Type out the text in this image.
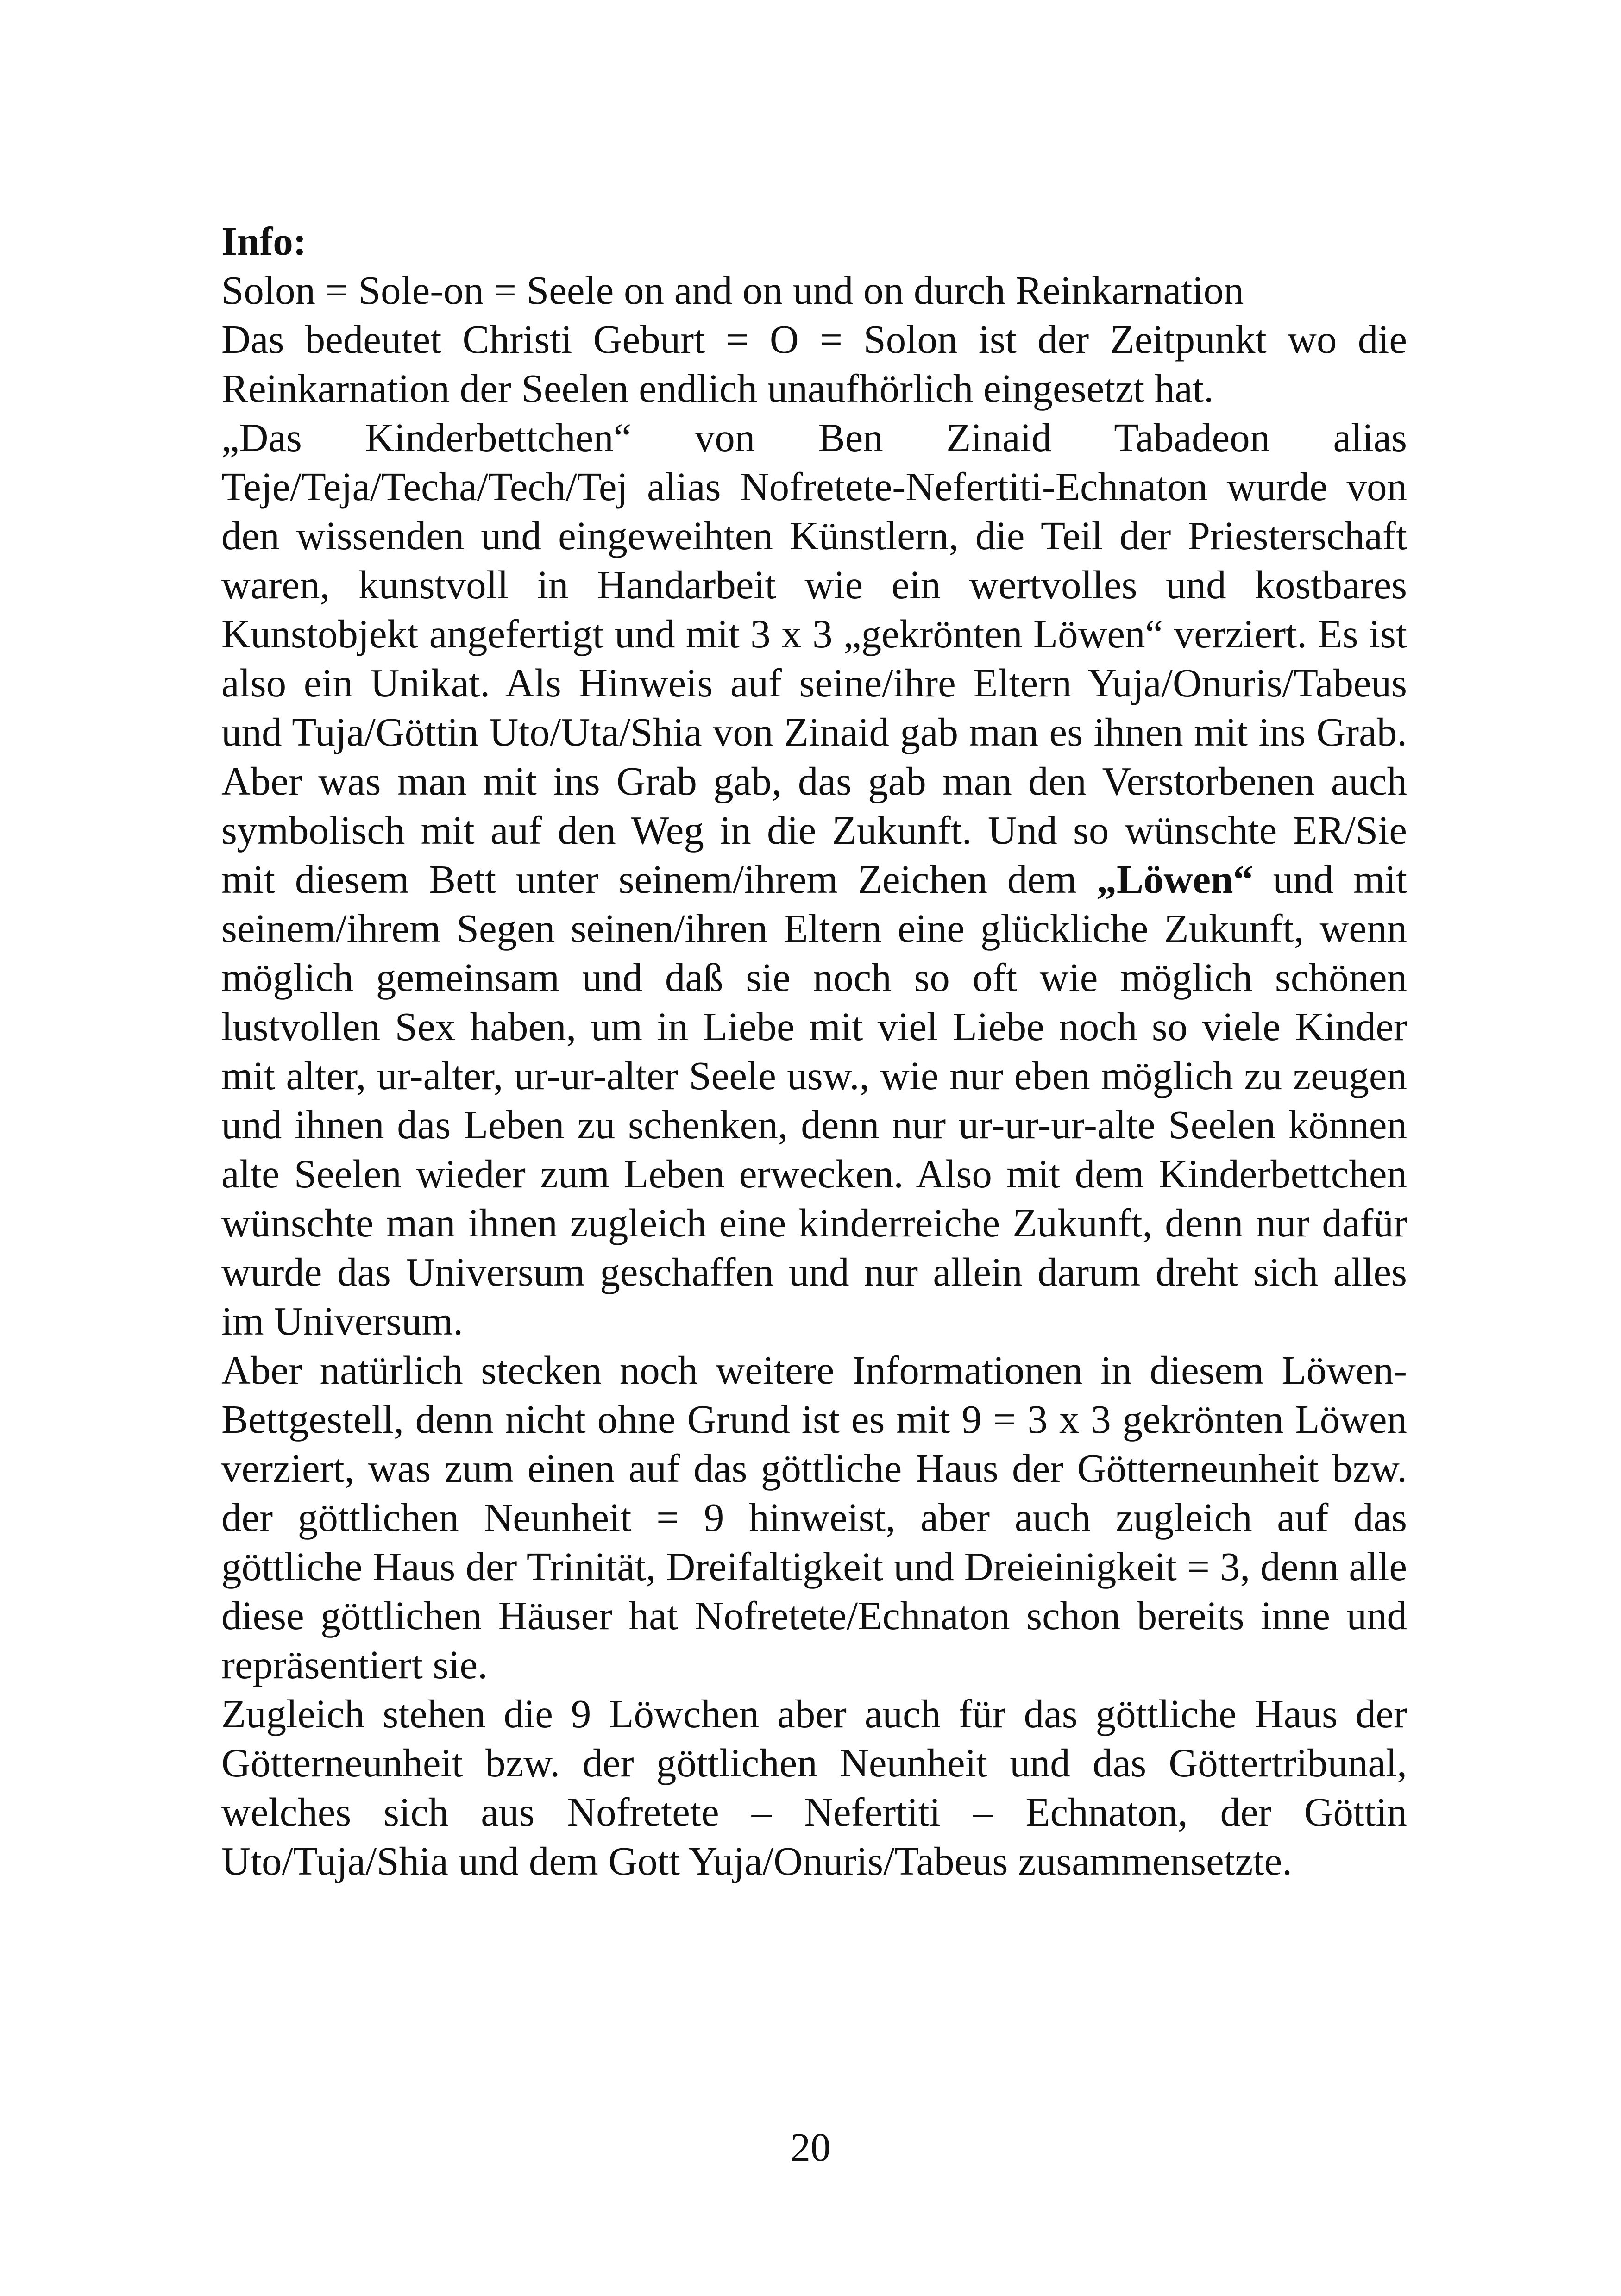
Info:
Solon = Sole-on = Seele on and on und on durch Reinkarnation
Das bedeutet Christi Geburt = O = Solon ist der Zeitpunkt wo die Reinkarnation der Seelen endlich unaufhörlich eingesetzt hat.
„Das Kinderbettchen“ von Ben Zinaid Tabadeon alias Teje/Teja/Techa/Tech/Tej alias Nofretete-Nefertiti-Echnaton wurde von den wissenden und eingeweihten Künstlern, die Teil der Priesterschaft waren, kunstvoll in Handarbeit wie ein wertvolles und kostbares Kunstobjekt angefertigt und mit 3 x 3 „gekrönten Löwen“ verziert. Es ist also ein Unikat. Als Hinweis auf seine/ihre Eltern Yuja/Onuris/Tabeus und Tuja/Göttin Uto/Uta/Shia von Zinaid gab man es ihnen mit ins Grab. Aber was man mit ins Grab gab, das gab man den Verstorbenen auch symbolisch mit auf den Weg in die Zukunft. Und so wünschte ER/Sie mit diesem Bett unter seinem/ihrem Zeichen dem „Löwen“ und mit seinem/ihrem Segen seinen/ihren Eltern eine glückliche Zukunft, wenn möglich gemeinsam und daß sie noch so oft wie möglich schönen lustvollen Sex haben, um in Liebe mit viel Liebe noch so viele Kinder mit alter, ur-alter, ur-ur-alter Seele usw., wie nur eben möglich zu zeugen und ihnen das Leben zu schenken, denn nur ur-ur-ur-alte Seelen können alte Seelen wieder zum Leben erwecken. Also mit dem Kinderbettchen wünschte man ihnen zugleich eine kinderreiche Zukunft, denn nur dafür wurde das Universum geschaffen und nur allein darum dreht sich alles im Universum.
Aber natürlich stecken noch weitere Informationen in diesem Löwen-Bettgestell, denn nicht ohne Grund ist es mit 9 = 3 x 3 gekrönten Löwen verziert, was zum einen auf das göttliche Haus der Götterneunheit bzw. der göttlichen Neunheit = 9 hinweist, aber auch zugleich auf das göttliche Haus der Trinität, Dreifaltigkeit und Dreieinigkeit = 3, denn alle diese göttlichen Häuser hat Nofretete/Echnaton schon bereits inne und repräsentiert sie.
Zugleich stehen die 9 Löwchen aber auch für das göttliche Haus der Götterneunheit bzw. der göttlichen Neunheit und das Göttertribunal, welches sich aus Nofretete – Nefertiti – Echnaton, der Göttin Uto/Tuja/Shia und dem Gott Yuja/Onuris/Tabeus zusammensetzte.
20
